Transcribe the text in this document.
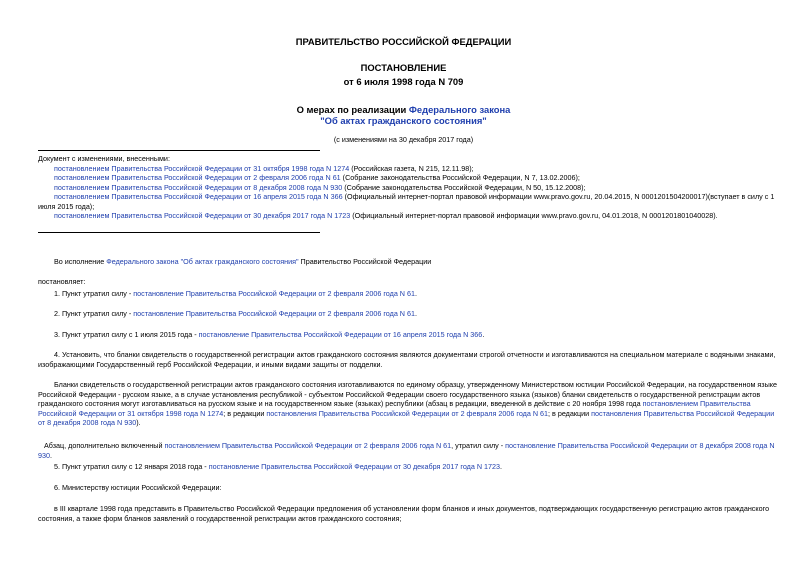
ПРАВИТЕЛЬСТВО РОССИЙСКОЙ ФЕДЕРАЦИИ
ПОСТАНОВЛЕНИЕ
от 6 июля 1998 года N 709
О мерах по реализации Федерального закона
"Об актах гражданского состояния"
(с изменениями на 30 декабря 2017 года)
Документ с изменениями, внесенными:
постановлением Правительства Российской Федерации от 31 октября 1998 года N 1274 (Российская газета, N 215, 12.11.98);
постановлением Правительства Российской Федерации от 2 февраля 2006 года N 61 (Собрание законодательства Российской Федерации, N 7, 13.02.2006);
постановлением Правительства Российской Федерации от 8 декабря 2008 года N 930 (Собрание законодательства Российской Федерации, N 50, 15.12.2008);
постановлением Правительства Российской Федерации от 16 апреля 2015 года N 366 (Официальный интернет-портал правовой информации www.pravo.gov.ru, 20.04.2015, N 0001201504200017)(вступает в силу с 1 июля 2015 года);
постановлением Правительства Российской Федерации от 30 декабря 2017 года N 1723 (Официальный интернет-портал правовой информации www.pravo.gov.ru, 04.01.2018, N 0001201801040028).
Во исполнение Федерального закона "Об актах гражданского состояния" Правительство Российской Федерации
постановляет:
1. Пункт утратил силу - постановление Правительства Российской Федерации от 2 февраля 2006 года N 61.
2. Пункт утратил силу - постановление Правительства Российской Федерации от 2 февраля 2006 года N 61.
3. Пункт утратил силу с 1 июля 2015 года - постановление Правительства Российской Федерации от 16 апреля 2015 года N 366.
4. Установить, что бланки свидетельств о государственной регистрации актов гражданского состояния являются документами строгой отчетности и изготавливаются на специальном материале с водяными знаками, изображающими Государственный герб Российской Федерации, и иными видами защиты от подделки.
Бланки свидетельств о государственной регистрации актов гражданского состояния изготавливаются по единому образцу, утвержденному Министерством юстиции Российской Федерации, на государственном языке Российской Федерации - русском языке, а в случае установления республикой - субъектом Российской Федерации своего государственного языка (языков) бланки свидетельств о государственной регистрации актов гражданского состояния могут изготавливаться на русском языке и на государственном языке (языках) республики (абзац в редакции, введенной в действие с 20 ноября 1998 года постановлением Правительства Российской Федерации от 31 октября 1998 года N 1274; в редакции постановления Правительства Российской Федерации от 2 февраля 2006 года N 61; в редакции постановления Правительства Российской Федерации от 8 декабря 2008 года N 930).
Абзац, дополнительно включенный постановлением Правительства Российской Федерации от 2 февраля 2006 года N 61, утратил силу - постановление Правительства Российской Федерации от 8 декабря 2008 года N 930.
5. Пункт утратил силу с 12 января 2018 года - постановление Правительства Российской Федерации от 30 декабря 2017 года N 1723.
6. Министерству юстиции Российской Федерации:
в III квартале 1998 года представить в Правительство Российской Федерации предложения об установлении форм бланков и иных документов, подтверждающих государственную регистрацию актов гражданского состояния, а также форм бланков заявлений о государственной регистрации актов гражданского состояния;
